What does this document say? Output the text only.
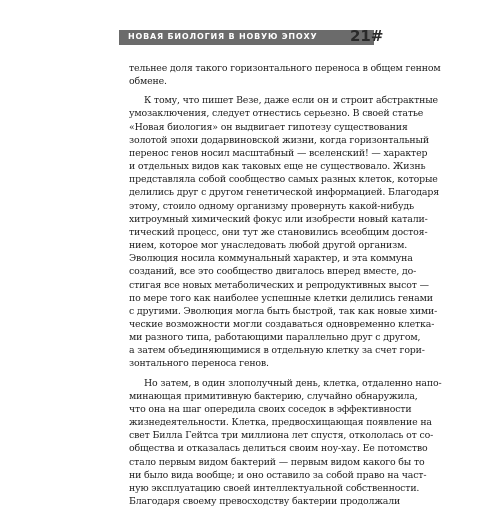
НОВАЯ БИОЛОГИЯ В НОВУЮ ЭПОХУ 21#
тельнее доля такого горизонтального переноса в общем генном
обмене.
К тому, что пишет Везе, даже если он и строит абстрактные
умозаключения, следует отнестись серьезно. В своей статье
«Новая биология» он выдвигает гипотезу существования
золотой эпохи додарвиновской жизни, когда горизонтальный
перенос генов носил масштабный — вселенский! — характер
и отдельных видов как таковых еще не существовало. Жизнь
представляла собой сообщество самых разных клеток, которые
делились друг с другом генетической информацией. Благодаря
этому, стоило одному организму провернуть какой-нибудь
хитроумный химический фокус или изобрести новый катали-
тический процесс, они тут же становились всеобщим достоя-
нием, которое мог унаследовать любой другой организм.
Эволюция носила коммунальный характер, и эта коммуна
созданий, все это сообщество двигалось вперед вместе, до-
стигая все новых метаболических и репродуктивных высот —
по мере того как наиболее успешные клетки делились генами
с другими. Эволюция могла быть быстрой, так как новые хими-
ческие возможности могли создаваться одновременно клетка-
ми разного типа, работающими параллельно друг с другом,
а затем объединяющимися в отдельную клетку за счет гори-
зонтального переноса генов.
Но затем, в один злополучный день, клетка, отдаленно напо-
минающая примитивную бактерию, случайно обнаружила,
что она на шаг опередила своих соседок в эффективности
жизнедеятельности. Клетка, предвосхищающая появление на
свет Билла Гейтса три миллиона лет спустя, откололась от со-
общества и отказалась делиться своим ноу-хау. Ее потомство
стало первым видом бактерий — первым видом какого бы то
ни было вида вообще; и оно оставило за собой право на част-
ную эксплуатацию своей интеллектуальной собственности.
Благодаря своему превосходству бактерии продолжали
